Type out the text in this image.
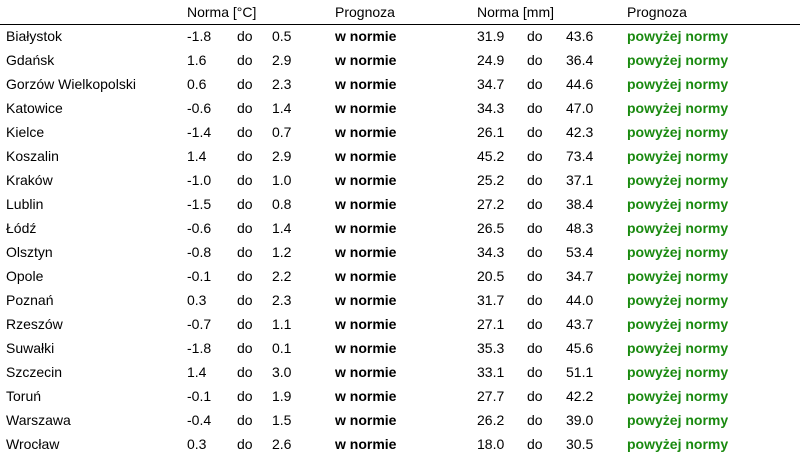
Norma [°C]	Prognoza	Norma [mm]	Prognoza
Białystok	-1.8 do 0.5	w normie	31.9 do 43.6 powyżej normy
Gdańsk	1.6 do 2.9	w normie	24.9 do 36.4 powyżej normy
Gorzów Wielkopolski	0.6 do 2.3	w normie	34.7 do 44.6 powyżej normy
Katowice	-0.6 do 1.4	w normie	34.3 do 47.0 powyżej normy
Kielce	-1.4 do 0.7	w normie	26.1 do 42.3 powyżej normy
Koszalin	1.4 do 2.9	w normie	45.2 do 73.4 powyżej normy
Kraków	-1.0 do 1.0	w normie	25.2 do 37.1 powyżej normy
Lublin	-1.5 do 0.8	w normie	27.2 do 38.4 powyżej normy
Łódź	-0.6 do 1.4	w normie	26.5 do 48.3 powyżej normy
Olsztyn	-0.8 do 1.2	w normie	34.3 do 53.4 powyżej normy
Opole	-0.1 do 2.2	w normie	20.5 do 34.7 powyżej normy
Poznań	0.3 do 2.3	w normie	31.7 do 44.0 powyżej normy
Rzeszów	-0.7 do 1.1	w normie	27.1 do 43.7 powyżej normy
Suwałki	-1.8 do 0.1	w normie	35.3 do 45.6 powyżej normy
Szczecin	1.4 do 3.0	w normie	33.1 do 51.1 powyżej normy
Toruń	-0.1 do 1.9	w normie	27.7 do 42.2 powyżej normy
Warszawa	-0.4 do 1.5	w normie	26.2 do 39.0 powyżej normy
Wrocław	0.3 do 2.6	w normie	18.0 do 30.5 powyżej normy
